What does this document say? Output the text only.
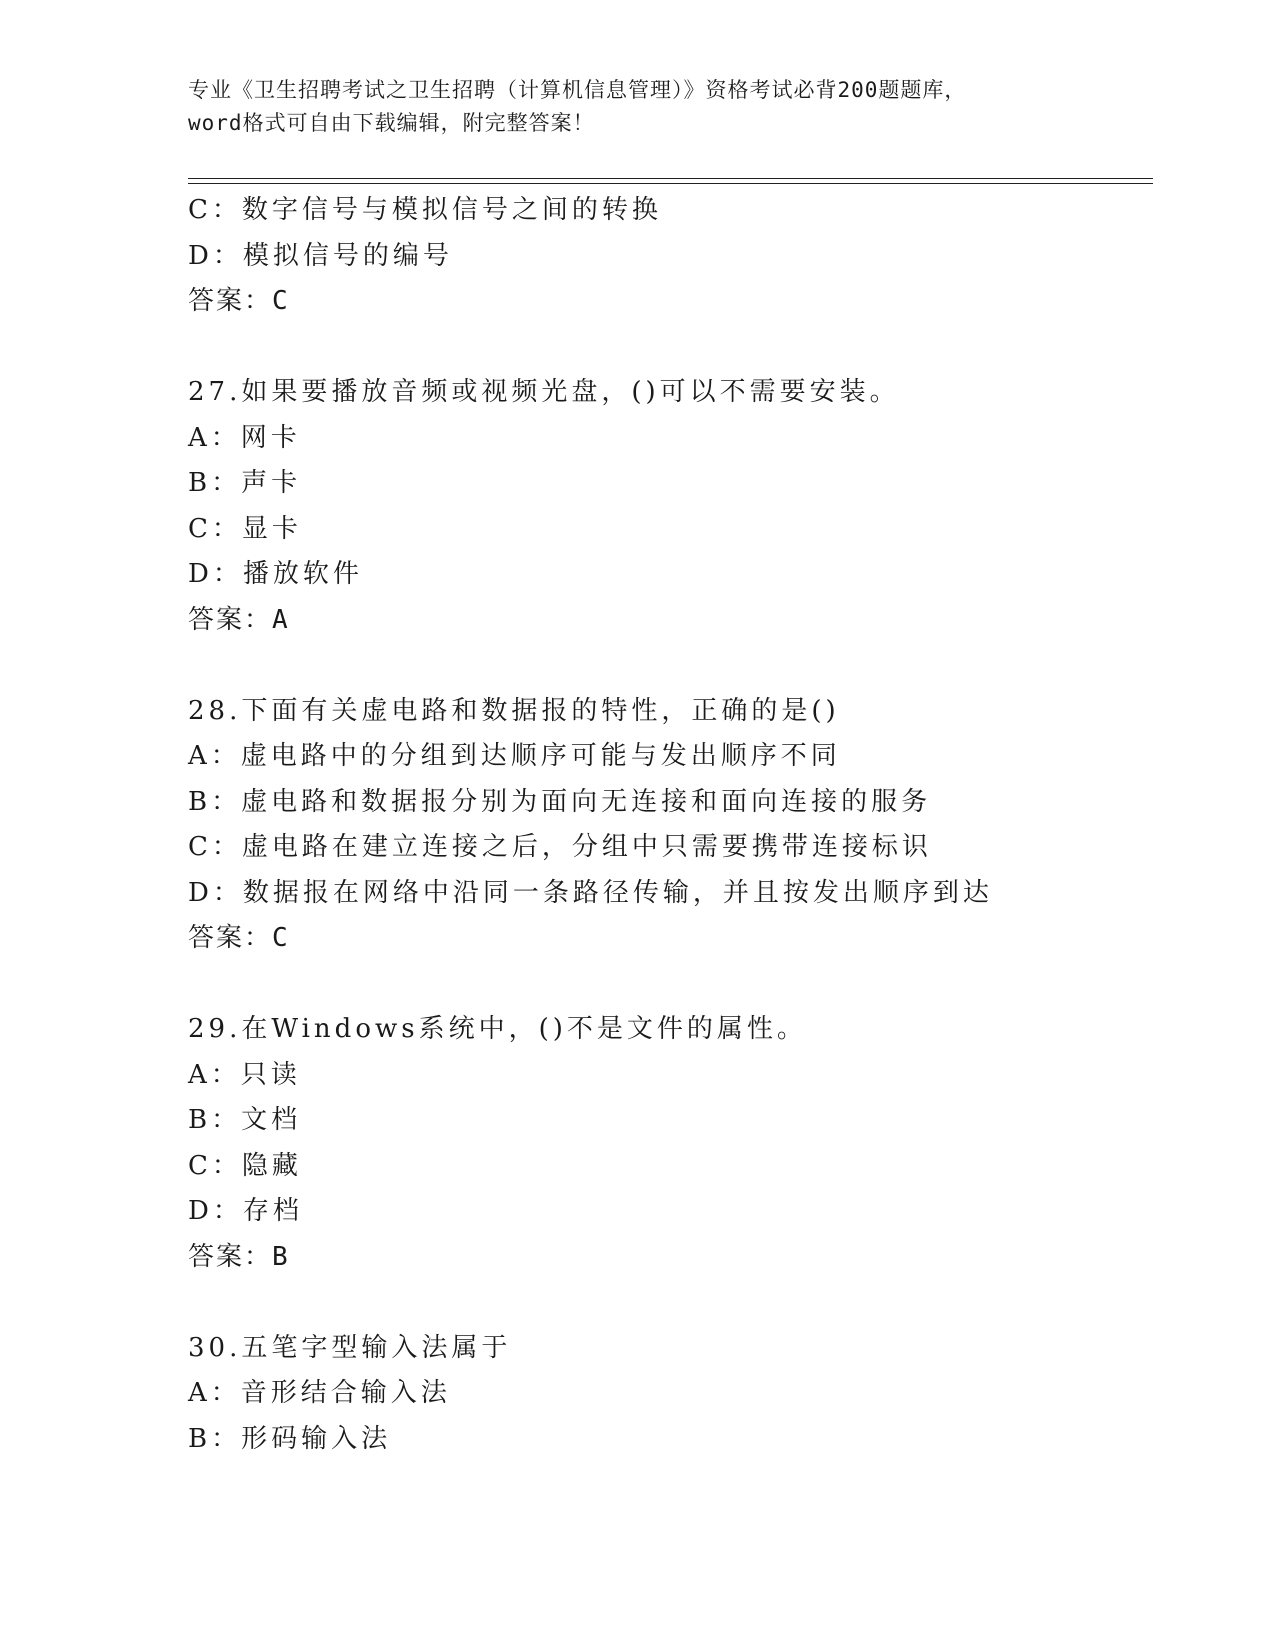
专业《卫生招聘考试之卫生招聘（计算机信息管理）》资格考试必背200题题库，
word格式可自由下载编辑，附完整答案！
C：数字信号与模拟信号之间的转换
D：模拟信号的编号
答案：C
27.如果要播放音频或视频光盘，()可以不需要安装。
A：网卡
B：声卡
C：显卡
D：播放软件
答案：A
28.下面有关虚电路和数据报的特性，正确的是()
A：虚电路中的分组到达顺序可能与发出顺序不同
B：虚电路和数据报分别为面向无连接和面向连接的服务
C：虚电路在建立连接之后，分组中只需要携带连接标识
D：数据报在网络中沿同一条路径传输，并且按发出顺序到达
答案：C
29.在Windows系统中，()不是文件的属性。
A：只读
B：文档
C：隐藏
D：存档
答案：B
30.五笔字型输入法属于
A：音形结合输入法
B：形码输入法
